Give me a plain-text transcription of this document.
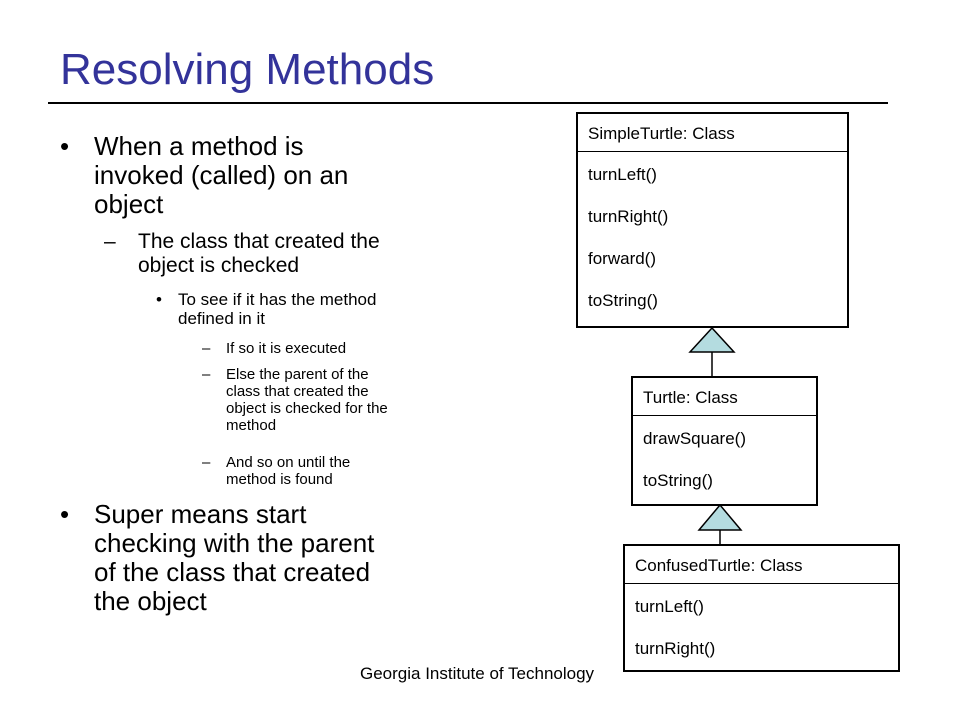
Resolving Methods
• When a method is
invoked (called) on an
object
– The class that created the
object is checked
• To see if it has the method
defined in it
– If so it is executed
– Else the parent of the
class that created the
object is checked for the
method
– And so on until the
method is found
• Super means start
checking with the parent
of the class that created
the object
SimpleTurtle: Class
turnLeft()
turnRight()
forward()
toString()
Turtle: Class
drawSquare()
toString()
ConfusedTurtle: Class
turnLeft()
turnRight()
Georgia Institute of Technology
